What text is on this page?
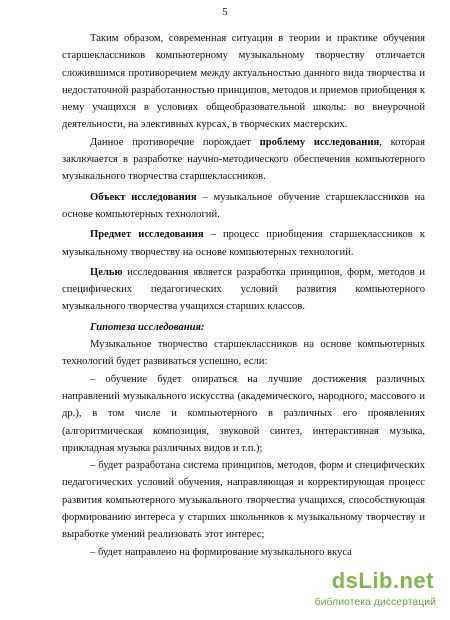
5

Таким образом, современная ситуация в теории и практике обучения старшеклассников компьютерному музыкальному творчеству отличается сложившимся противоречием между актуальностью данного вида творчества и недостаточной разработанностью принципов, методов и приемов приобщения к нему учащихся в условиях общеобразовательной школы: во внеурочной деятельности, на элективных курсах, в творческих мастерских.

Данное противоречие порождает проблему исследования, которая заключается в разработке научно-методического обеспечения компьютерного музыкального творчества старшеклассников.

Объект исследования – музыкальное обучение старшеклассников на основе компьютерных технологий.

Предмет исследования – процесс приобщения старшеклассников к музыкальному творчеству на основе компьютерных технологий.

Целью исследования является разработка принципов, форм, методов и специфических педагогических условий развития компьютерного музыкального творчества учащихся старших классов.

Гипотеза исследования:

Музыкальное творчество старшеклассников на основе компьютерных технологий будет развиваться успешно, если:

– обучение будет опираться на лучшие достижения различных направлений музыкального искусства (академического, народного, массового и др.), в том числе и компьютерного в различных его проявлениях (алгоритмическая композиция, звуковой синтез, интерактивная музыка, прикладная музыка различных видов и т.п.);

– будет разработана система принципов, методов, форм и специфических педагогических условий обучения, направляющая и корректирующая процесс развития компьютерного музыкального творчества учащихся, способствующая формированию интереса у старших школьников к музыкальному творчеству и выработке умений реализовать этот интерес;

– будет направлено на формирование музыкального вкуса

dsLib.net
библиотека диссертаций
